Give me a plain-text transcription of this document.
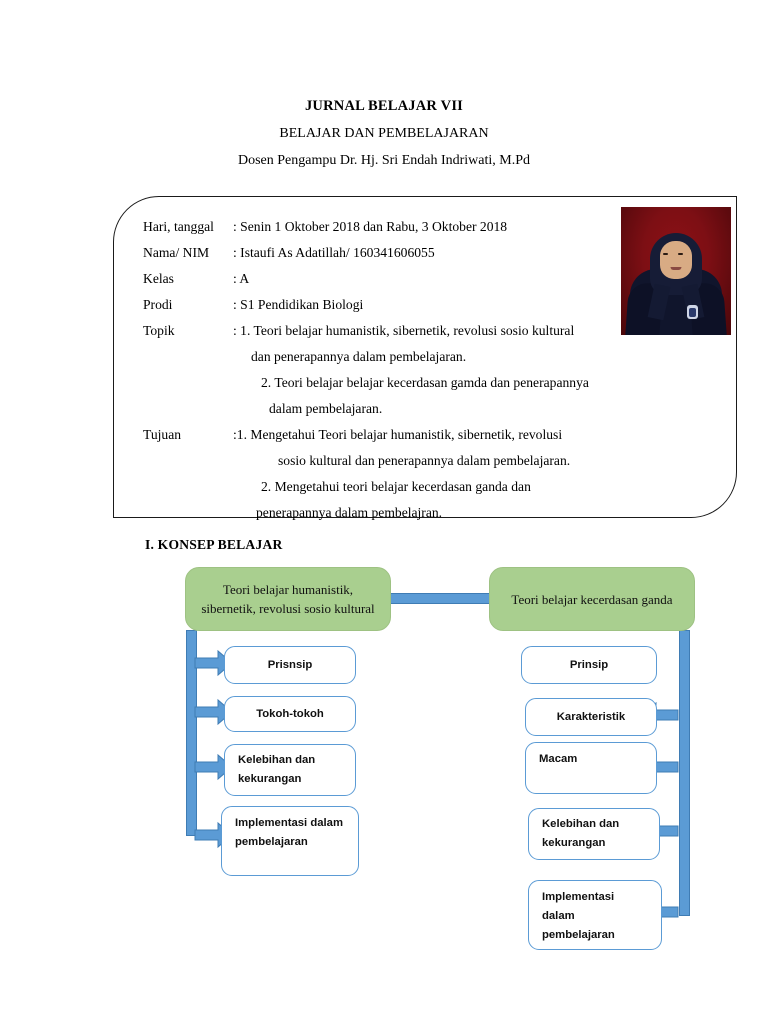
JURNAL BELAJAR VII
BELAJAR DAN PEMBELAJARAN
Dosen Pengampu Dr. Hj. Sri Endah Indriwati, M.Pd
Hari, tanggal	: Senin 1 Oktober 2018 dan Rabu, 3 Oktober 2018
Nama/ NIM	: Istaufi As Adatillah/ 160341606055
Kelas	: A
Prodi	: S1 Pendidikan Biologi
Topik	: 1. Teori belajar humanistik, sibernetik, revolusi sosio kultural
dan penerapannya dalam pembelajaran.
2. Teori belajar belajar kecerdasan gamda dan penerapannya
dalam pembelajaran.
Tujuan	:1. Mengetahui Teori belajar humanistik, sibernetik, revolusi
sosio kultural dan penerapannya dalam pembelajaran.
2. Mengetahui teori belajar kecerdasan ganda dan
penerapannya dalam pembelajran.
I. KONSEP BELAJAR
Teori belajar humanistik, sibernetik, revolusi sosio kultural
Teori belajar kecerdasan ganda
Prisnsip
Tokoh-tokoh
Kelebihan dan kekurangan
Implementasi dalam pembelajaran
Prinsip
Karakteristik
Macam
Kelebihan dan kekurangan
Implementasi dalam pembelajaran
